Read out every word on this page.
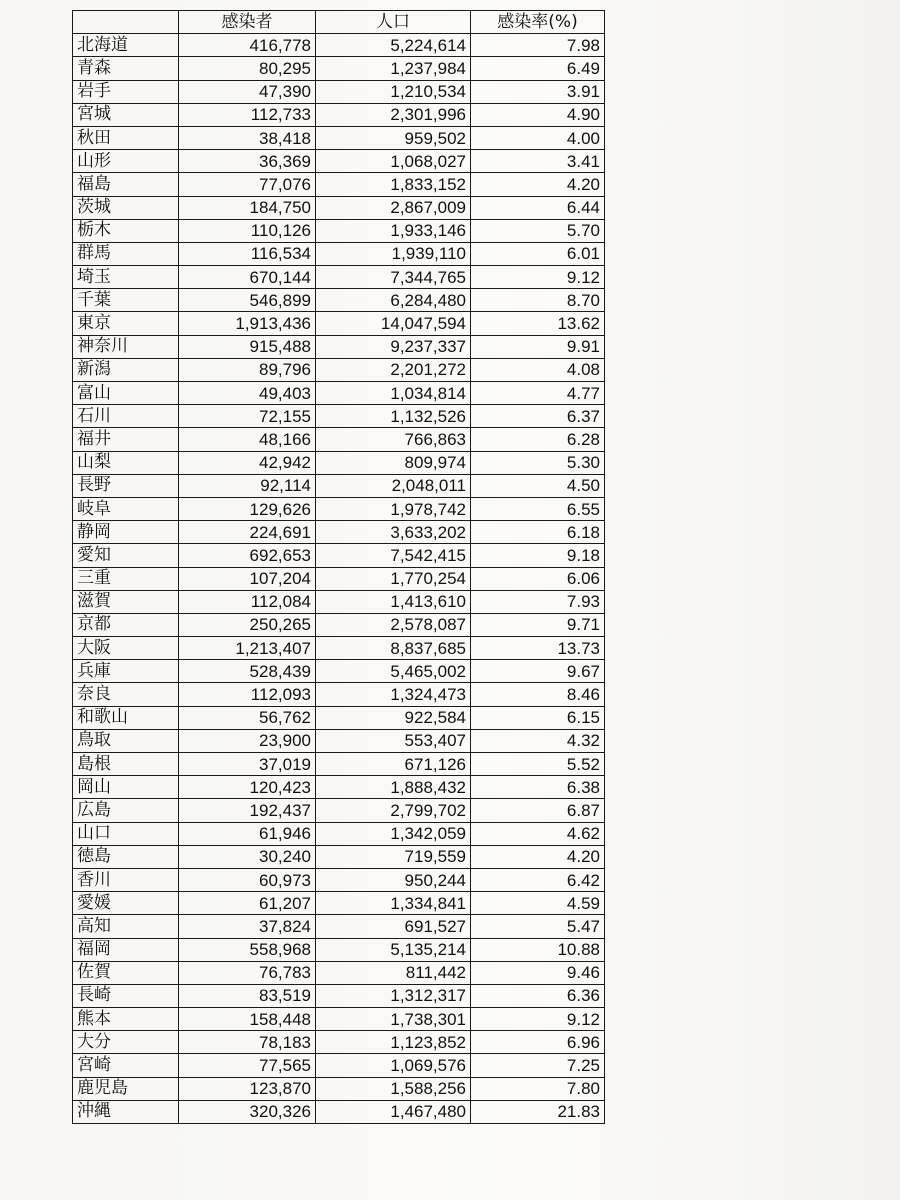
	感染者	人口	感染率(%)
北海道	416,778	5,224,614	7.98
青森	80,295	1,237,984	6.49
岩手	47,390	1,210,534	3.91
宮城	112,733	2,301,996	4.90
秋田	38,418	959,502	4.00
山形	36,369	1,068,027	3.41
福島	77,076	1,833,152	4.20
茨城	184,750	2,867,009	6.44
栃木	110,126	1,933,146	5.70
群馬	116,534	1,939,110	6.01
埼玉	670,144	7,344,765	9.12
千葉	546,899	6,284,480	8.70
東京	1,913,436	14,047,594	13.62
神奈川	915,488	9,237,337	9.91
新潟	89,796	2,201,272	4.08
富山	49,403	1,034,814	4.77
石川	72,155	1,132,526	6.37
福井	48,166	766,863	6.28
山梨	42,942	809,974	5.30
長野	92,114	2,048,011	4.50
岐阜	129,626	1,978,742	6.55
静岡	224,691	3,633,202	6.18
愛知	692,653	7,542,415	9.18
三重	107,204	1,770,254	6.06
滋賀	112,084	1,413,610	7.93
京都	250,265	2,578,087	9.71
大阪	1,213,407	8,837,685	13.73
兵庫	528,439	5,465,002	9.67
奈良	112,093	1,324,473	8.46
和歌山	56,762	922,584	6.15
鳥取	23,900	553,407	4.32
島根	37,019	671,126	5.52
岡山	120,423	1,888,432	6.38
広島	192,437	2,799,702	6.87
山口	61,946	1,342,059	4.62
徳島	30,240	719,559	4.20
香川	60,973	950,244	6.42
愛媛	61,207	1,334,841	4.59
高知	37,824	691,527	5.47
福岡	558,968	5,135,214	10.88
佐賀	76,783	811,442	9.46
長崎	83,519	1,312,317	6.36
熊本	158,448	1,738,301	9.12
大分	78,183	1,123,852	6.96
宮崎	77,565	1,069,576	7.25
鹿児島	123,870	1,588,256	7.80
沖縄	320,326	1,467,480	21.83
